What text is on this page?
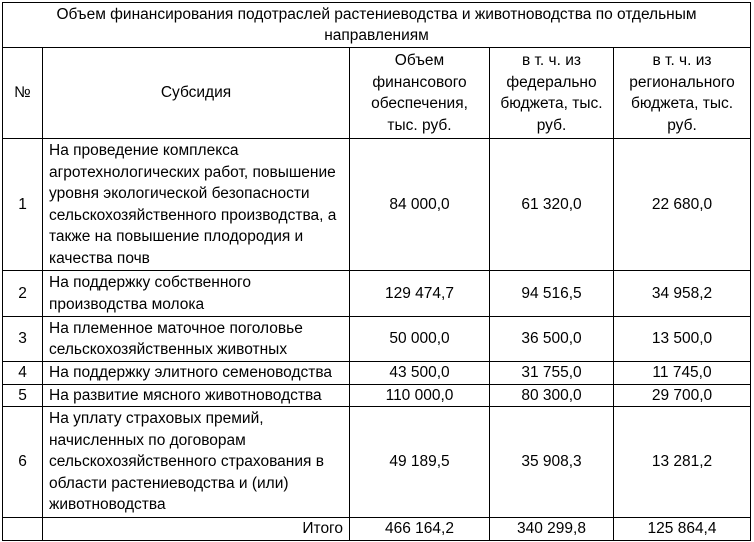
Объем финансирования подотраслей растениеводства и животноводства по отдельным направлениям				
№	Субсидия	Объем финансового обеспечения, тыс. руб.	в т. ч. из федерально бюджета, тыс. руб.	в т. ч. из регионального бюджета, тыс. руб.
1	На проведение комплекса агротехнологических работ, повышение уровня экологической безопасности сельскохозяйственного производства, а также на повышение плодородия и качества почв	84 000,0	61 320,0	22 680,0
2	На поддержку собственного производства молока	129 474,7	94 516,5	34 958,2
3	На племенное маточное поголовье сельскохозяйственных животных	50 000,0	36 500,0	13 500,0
4	На поддержку элитного семеноводства	43 500,0	31 755,0	11 745,0
5	На развитие мясного животноводства	110 000,0	80 300,0	29 700,0
6	На уплату страховых премий, начисленных по договорам сельскохозяйственного страхования в области растениеводства и (или) животноводства	49 189,5	35 908,3	13 281,2
	Итого	466 164,2	340 299,8	125 864,4
